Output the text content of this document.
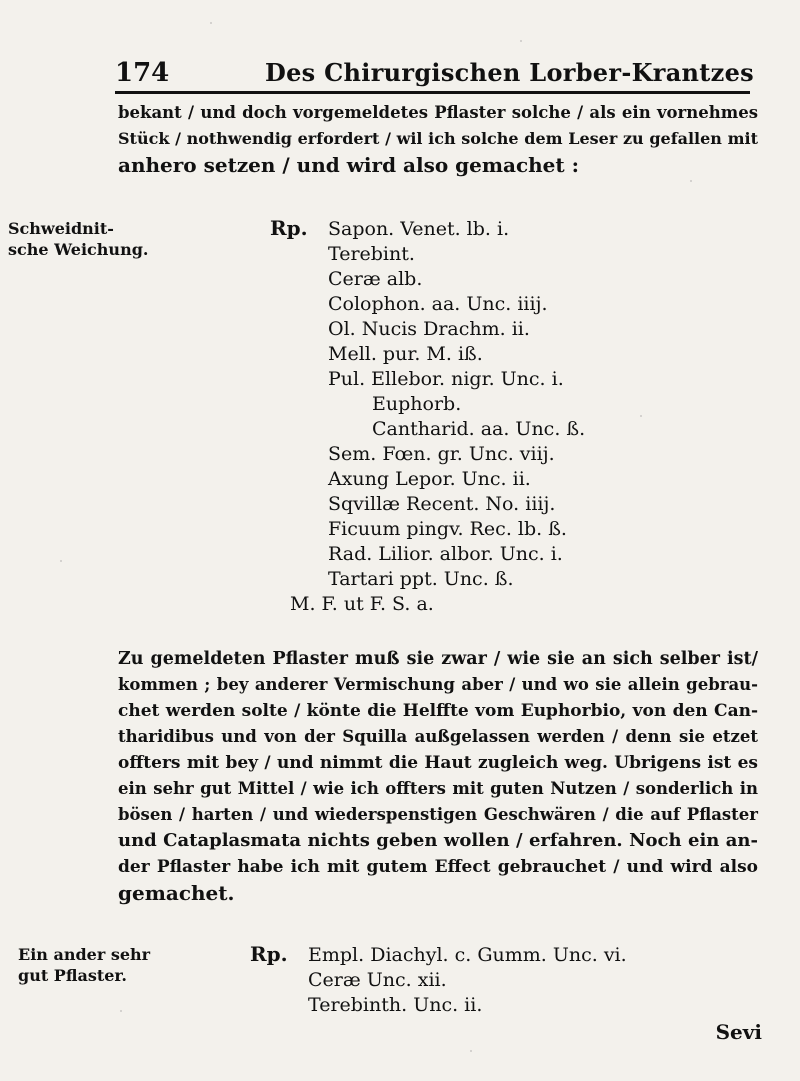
174	Des Chirurgischen Lorber-Krantzes

bekant / und doch vorgemeldetes Pflaster solche / als ein vornehmes
Stück / nothwendig erfordert / wil ich solche dem Leser zu gefallen mit
anhero setzen / und wird also gemachet :

Schweidnit-
sche Weichung.
Rp. Sapon. Venet. lb. i.
Terebint.
Ceræ alb.
Colophon. aa. Unc. iiij.
Ol. Nucis Drachm. ii.
Mell. pur. M. iß.
Pul. Ellebor. nigr. Unc. i.
Euphorb.
Cantharid. aa. Unc. ß.
Sem. Fœn. gr. Unc. viij.
Axung Lepor. Unc. ii.
Sqvillæ Recent. No. iiij.
Ficuum pingv. Rec. lb. ß.
Rad. Lilior. albor. Unc. i.
Tartari ppt. Unc. ß.
M. F. ut F. S. a.

Zu gemeldeten Pflaster muß sie zwar / wie sie an sich selber ist/
kommen ; bey anderer Vermischung aber / und wo sie allein gebrau-
chet werden solte / könte die Helffte vom Euphorbio, von den Can-
tharidibus und von der Squilla außgelassen werden / denn sie etzet
offters mit bey / und nimmt die Haut zugleich weg. Ubrigens ist es
ein sehr gut Mittel / wie ich offters mit guten Nutzen / sonderlich in
bösen / harten / und wiederspenstigen Geschwären / die auf Pflaster
und Cataplasmata nichts geben wollen / erfahren. Noch ein an-
der Pflaster habe ich mit gutem Effect gebrauchet / und wird also
gemachet.

Ein ander sehr
gut Pflaster.
Rp. Empl. Diachyl. c. Gumm. Unc. vi.
Ceræ Unc. xii.
Terebinth. Unc. ii.
Sevi
